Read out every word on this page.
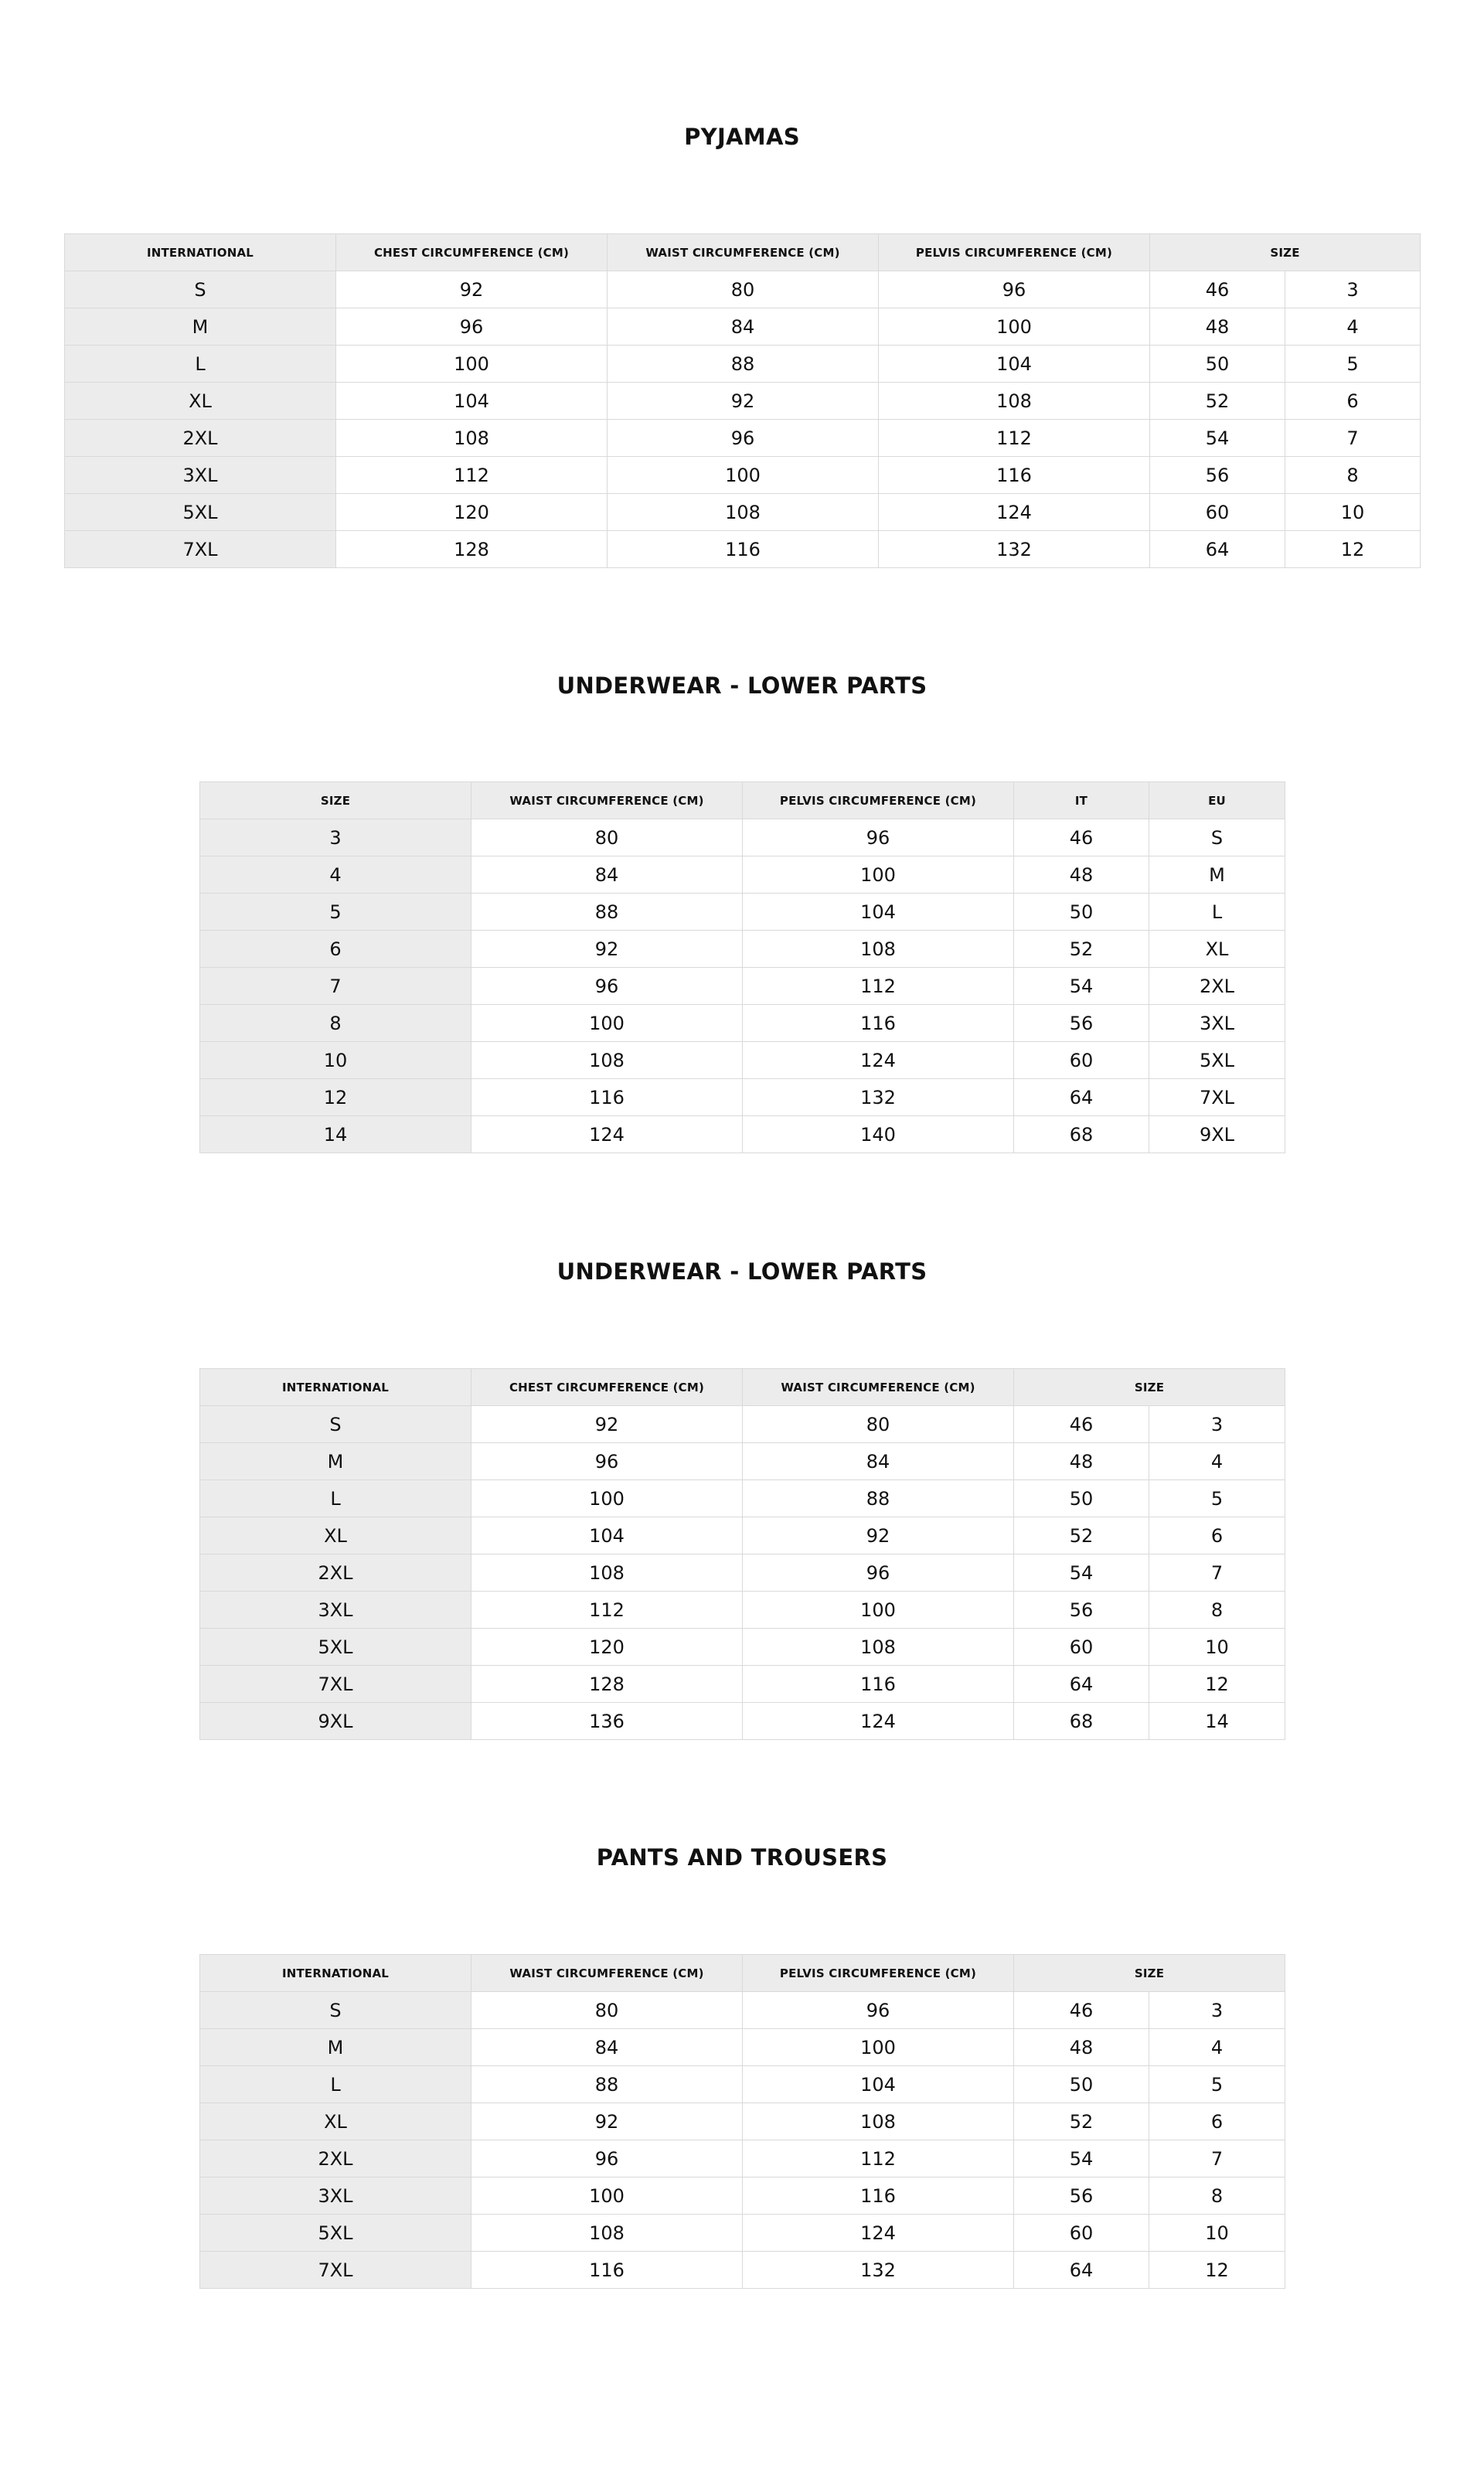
PYJAMAS
INTERNATIONAL	CHEST CIRCUMFERENCE (CM)	WAIST CIRCUMFERENCE (CM)	PELVIS CIRCUMFERENCE (CM)	SIZE	
S	92	80	96	46	3
M	96	84	100	48	4
L	100	88	104	50	5
XL	104	92	108	52	6
2XL	108	96	112	54	7
3XL	112	100	116	56	8
5XL	120	108	124	60	10
7XL	128	116	132	64	12
UNDERWEAR - LOWER PARTS
SIZE	WAIST CIRCUMFERENCE (CM)	PELVIS CIRCUMFERENCE (CM)	IT	EU
3	80	96	46	S
4	84	100	48	M
5	88	104	50	L
6	92	108	52	XL
7	96	112	54	2XL
8	100	116	56	3XL
10	108	124	60	5XL
12	116	132	64	7XL
14	124	140	68	9XL
UNDERWEAR - LOWER PARTS
INTERNATIONAL	CHEST CIRCUMFERENCE (CM)	WAIST CIRCUMFERENCE (CM)	SIZE	
S	92	80	46	3
M	96	84	48	4
L	100	88	50	5
XL	104	92	52	6
2XL	108	96	54	7
3XL	112	100	56	8
5XL	120	108	60	10
7XL	128	116	64	12
9XL	136	124	68	14
PANTS AND TROUSERS
INTERNATIONAL	WAIST CIRCUMFERENCE (CM)	PELVIS CIRCUMFERENCE (CM)	SIZE	
S	80	96	46	3
M	84	100	48	4
L	88	104	50	5
XL	92	108	52	6
2XL	96	112	54	7
3XL	100	116	56	8
5XL	108	124	60	10
7XL	116	132	64	12
